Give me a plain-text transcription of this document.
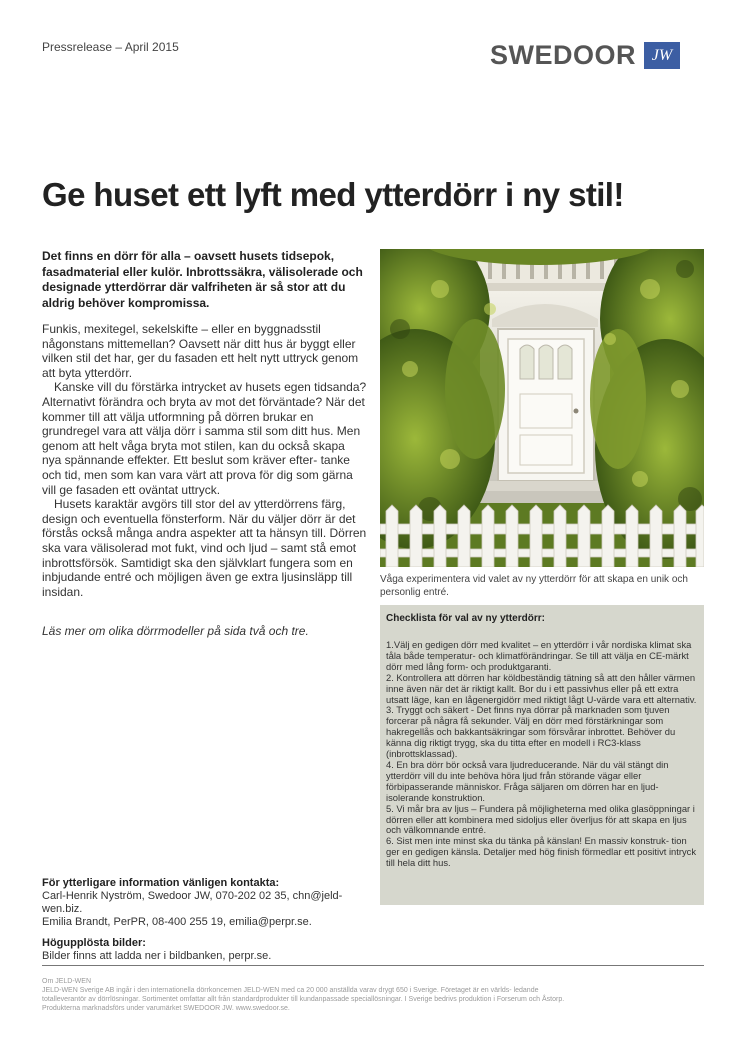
Pressrelease – April 2015	SWEDOOR JW
Ge huset ett lyft med ytterdörr i ny stil!
Det finns en dörr för alla – oavsett husets tidsepok, fasadmaterial eller kulör. Inbrottssäkra, välisolerade och designade ytterdörrar där valfriheten är så stor att du aldrig behöver kompromissa.

Funkis, mexitegel, sekelskifte – eller en byggnadsstil någonstans mittemellan? Oavsett när ditt hus är byggt eller vilken stil det har, ger du fasaden ett helt nytt uttryck genom att byta ytterdörr.

Kanske vill du förstärka intrycket av husets egen tidsanda? Alternativt förändra och bryta av mot det förväntade? När det kommer till att välja utformning på dörren brukar en grundregel vara att välja dörr i samma stil som ditt hus. Men genom att helt våga bryta mot stilen, kan du också skapa nya spännande effekter. Ett beslut som kräver efter- tanke och tid, men som kan vara värt att prova för dig som gärna vill ge fasaden ett oväntat uttryck.

Husets karaktär avgörs till stor del av ytterdörrens färg, design och eventuella fönsterform. När du väljer dörr är det förstås också många andra aspekter att ta hänsyn till. Dörren ska vara välisolerad mot fukt, vind och ljud – samt stå emot inbrottsförsök. Samtidigt ska den självklart fungera som en inbjudande entré och möjligen även ge extra ljusinsläpp till insidan.

Läs mer om olika dörrmodeller på sida två och tre.
Våga experimentera vid valet av ny ytterdörr för att skapa en unik och personlig entré.
Checklista för val av ny ytterdörr:
1.Välj en gedigen dörr med kvalitet – en ytterdörr i vår nordiska klimat ska tåla både temperatur- och klimatförändringar. Se till att välja en CE-märkt dörr med lång form- och produktgaranti.
2. Kontrollera att dörren har köldbeständig tätning så att den håller värmen inne även när det är riktigt kallt. Bor du i ett passivhus eller på ett extra utsatt läge, kan en lågenergidörr med riktigt lågt U-värde vara ett alternativ.
3. Tryggt och säkert - Det finns nya dörrar på marknaden som tjuven forcerar på några få sekunder. Välj en dörr med förstärkningar som hakregellås och bakkantsäkringar som försvårar inbrottet. Behöver du känna dig riktigt trygg, ska du titta efter en modell i RC3-klass (inbrottsklassad).
4. En bra dörr bör också vara ljudreducerande. När du väl stängt din ytterdörr vill du inte behöva höra ljud från störande vägar eller förbipasserande människor. Fråga säljaren om dörren har en ljud- isolerande konstruktion.
5. Vi mår bra av ljus – Fundera på möjligheterna med olika glasöppningar i dörren eller att kombinera med sidoljus eller överljus för att skapa en ljus och välkomnande entré.
6. Sist men inte minst ska du tänka på känslan! En massiv konstruk- tion ger en gedigen känsla. Detaljer med hög finish förmedlar ett positivt intryck till hela ditt hus.
För ytterligare information vänligen kontakta:
Carl-Henrik Nyström, Swedoor JW, 070-202 02 35, chn@jeld-wen.biz.
Emilia Brandt, PerPR, 08-400 255 19, emilia@perpr.se.
Högupplösta bilder:
Bilder finns att ladda ner i bildbanken, perpr.se.
Om JELD-WEN
JELD-WEN Sverige AB ingår i den internationella dörrkoncernen JELD-WEN med ca 20 000 anställda varav drygt 650 i Sverige. Företaget är en världs- ledande totalleverantör av dörrlösningar. Sortimentet omfattar allt från standardprodukter till kundanpassade speciallösningar. I Sverige bedrivs produktion i Forserum och Åstorp. Produkterna marknadsförs under varumärket SWEDOOR JW. www.swedoor.se.
